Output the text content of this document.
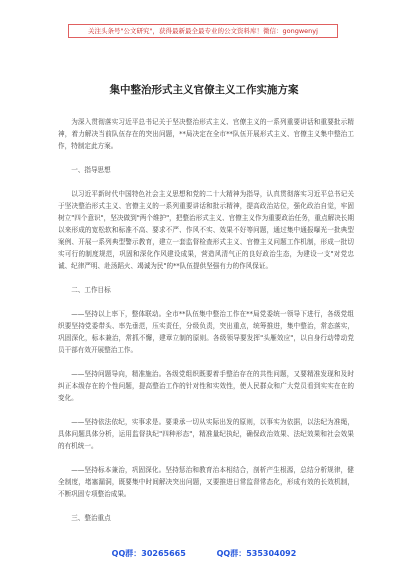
关注头条号"公文研究"，获得最新最全最专业的公文资料库！微信：gongwenyj
集中整治形式主义官僚主义工作实施方案

为深入贯彻落实习近平总书记关于坚决整治形式主义、官僚主义的一系列重要讲话和重要批示精神，着力解决当前队伍存在的突出问题，**局决定在全市**队伍开展形式主义、官僚主义集中整治工作，特制定此方案。

一、指导思想

以习近平新时代中国特色社会主义思想和党的二十大精神为指导，认真贯彻落实习近平总书记关于坚决整治形式主义、官僚主义的一系列重要讲话和批示精神，提高政治站位，强化政治自觉，牢固树立"四个意识"，坚决做到"两个维护"，把整治形式主义、官僚主义作为重要政治任务，重点解决长期以来形成的宽松软和标准不高、要求不严、作风不实、效果不好等问题，通过集中通报曝光一批典型案例、开展一系列典型警示教育，建立一套监督检查形式主义、官僚主义问题工作机制，形成一批切实可行的制度规范，巩固和深化作风建设成果，营造风清气正的良好政治生态，为建设一支"对党忠诚、纪律严明、赴汤蹈火、竭诚为民"的**队伍提供坚强有力的作风保证。

二、工作目标

——坚持以上率下，整体联动。全市**队伍集中整治工作在**局党委统一领导下进行，各级党组织要坚持党委带头、率先垂范，压实责任，分级负责，突出重点，统筹推进，集中整治，常态落实，巩固深化，标本兼治，常抓不懈，建章立制的原则。各级领导要发挥"头雁效应"，以自身行动带动党员干部有效开展整治工作。

——坚持问题导向，精准施治。各级党组织既要着手整治存在的共性问题，又要精准发现和及时纠正本级存在的个性问题，提高整治工作的针对性和实效性，使人民群众和广大党员看到实实在在的变化。

——坚持依法依纪，实事求是。要秉承一切从实际出发的原则，以事实为依据，以法纪为准绳，具体问题具体分析，运用监督执纪"四种形态"，精准量纪执纪，确保政治效果、法纪效果和社会效果的有机统一。

——坚持标本兼治，巩固深化。坚持惩治和教育治本相结合，剖析产生根源，总结分析规律，健全制度，堵塞漏洞，既要集中时间解决突出问题，又要推进日常监督常态化，形成有效的长效机制，不断巩固专项整治成果。

三、整治重点

QQ群：30265665	QQ群：535304092
